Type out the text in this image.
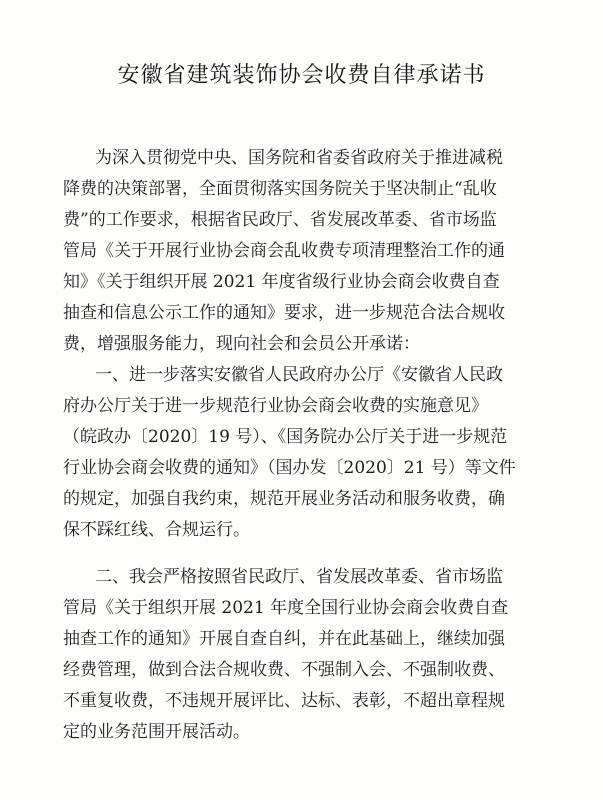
安徽省建筑装饰协会收费自律承诺书
为深入贯彻党中央、国务院和省委省政府关于推进减税
降费的决策部署，全面贯彻落实国务院关于坚决制止“乱收
费”的工作要求，根据省民政厅、省发展改革委、省市场监
管局《关于开展行业协会商会乱收费专项清理整治工作的通
知》《关于组织开展 2021 年度省级行业协会商会收费自查
抽查和信息公示工作的通知》要求，进一步规范合法合规收
费，增强服务能力，现向社会和会员公开承诺：
一、进一步落实安徽省人民政府办公厅《安徽省人民政
府办公厅关于进一步规范行业协会商会收费的实施意见》
（皖政办〔2020〕19 号）、《国务院办公厅关于进一步规范
行业协会商会收费的通知》（国办发〔2020〕21 号）等文件
的规定，加强自我约束，规范开展业务活动和服务收费，确
保不踩红线、合规运行。
二、我会严格按照省民政厅、省发展改革委、省市场监
管局《关于组织开展 2021 年度全国行业协会商会收费自查
抽查工作的通知》开展自查自纠，并在此基础上，继续加强
经费管理，做到合法合规收费、不强制入会、不强制收费、
不重复收费，不违规开展评比、达标、表彰，不超出章程规
定的业务范围开展活动。
